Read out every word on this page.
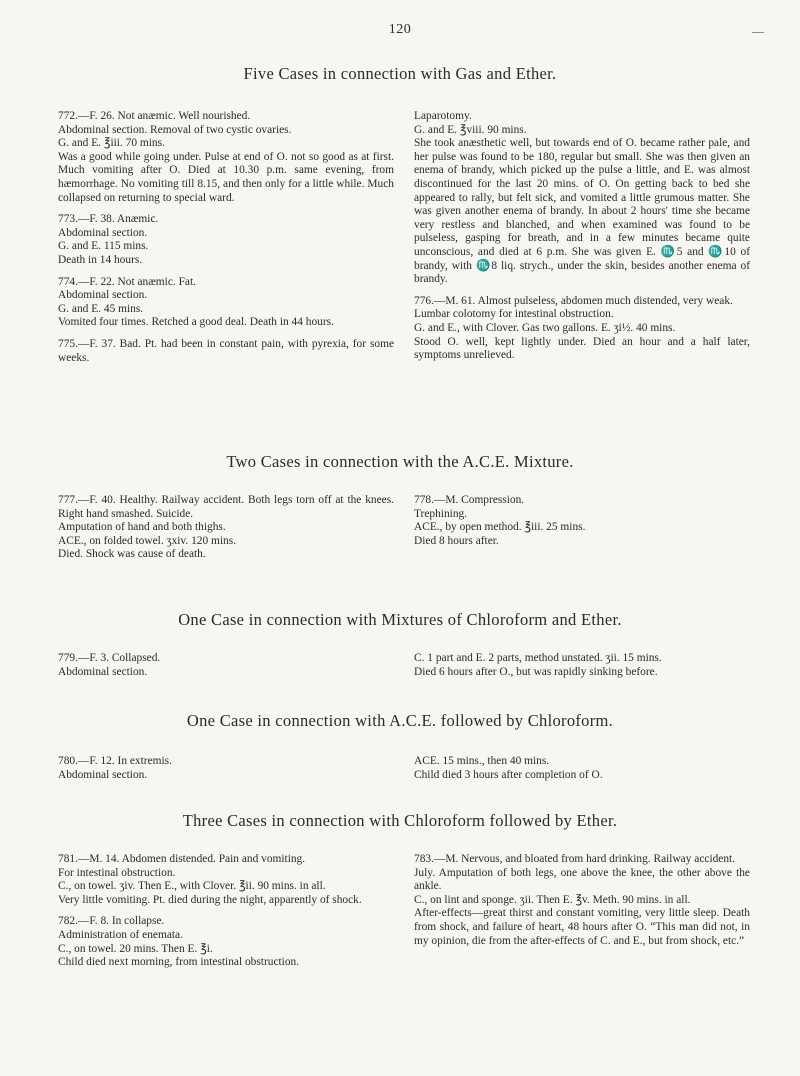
120	—
Five Cases in connection with Gas and Ether.

772.—F. 26. Not anæmic. Well nourished.

Abdominal section. Removal of two cystic ovaries.

G. and E. ℥iii. 70 mins.

Was a good while going under. Pulse at end of O. not so good as at first. Much vomiting after O. Died at 10.30 p.m. same evening, from hæmorrhage. No vomiting till 8.15, and then only for a little while. Much collapsed on returning to special ward.

773.—F. 38. Anæmic.

Abdominal section.

G. and E. 115 mins.

Death in 14 hours.

774.—F. 22. Not anæmic. Fat.

Abdominal section.

G. and E. 45 mins.

Vomited four times. Retched a good deal. Death in 44 hours.

775.—F. 37. Bad. Pt. had been in constant pain, with pyrexia, for some weeks.

Laparotomy.

G. and E. ℥viii. 90 mins.

She took anæsthetic well, but towards end of O. became rather pale, and her pulse was found to be 180, regular but small. She was then given an enema of brandy, which picked up the pulse a little, and E. was almost discontinued for the last 20 mins. of O. On getting back to bed she appeared to rally, but felt sick, and vomited a little grumous matter. She was given another enema of brandy. In about 2 hours' time she became very restless and blanched, and when examined was found to be pulseless, gasping for breath, and in a few minutes became quite unconscious, and died at 6 p.m. She was given E. ♏5 and ♏10 of brandy, with ♏8 liq. strych., under the skin, besides another enema of brandy.

776.—M. 61. Almost pulseless, abdomen much distended, very weak.

Lumbar colotomy for intestinal obstruction.

G. and E., with Clover. Gas two gallons. E. ʒi½. 40 mins.

Stood O. well, kept lightly under. Died an hour and a half later, symptoms unrelieved.

Two Cases in connection with the A.C.E. Mixture.

777.—F. 40. Healthy. Railway accident. Both legs torn off at the knees. Right hand smashed. Suicide.

Amputation of hand and both thighs.

ACE., on folded towel. ʒxiv. 120 mins.

Died. Shock was cause of death.

778.—M. Compression.

Trephining.

ACE., by open method. ℥iii. 25 mins.

Died 8 hours after.

One Case in connection with Mixtures of Chloroform and Ether.

779.—F. 3. Collapsed.

Abdominal section.

C. 1 part and E. 2 parts, method unstated. ʒii. 15 mins.

Died 6 hours after O., but was rapidly sinking before.

One Case in connection with A.C.E. followed by Chloroform.

780.—F. 12. In extremis.

Abdominal section.

ACE. 15 mins., then 40 mins.

Child died 3 hours after completion of O.

Three Cases in connection with Chloroform followed by Ether.

781.—M. 14. Abdomen distended. Pain and vomiting.

For intestinal obstruction.

C., on towel. ʒiv. Then E., with Clover. ℥ii. 90 mins. in all.

Very little vomiting. Pt. died during the night, apparently of shock.

782.—F. 8. In collapse.

Administration of enemata.

C., on towel. 20 mins. Then E. ℥i.

Child died next morning, from intestinal obstruction.

783.—M. Nervous, and bloated from hard drinking. Railway accident.

July. Amputation of both legs, one above the knee, the other above the ankle.

C., on lint and sponge. ʒii. Then E. ℥v. Meth. 90 mins. in all.

After-effects—great thirst and constant vomiting, very little sleep. Death from shock, and failure of heart, 48 hours after O. “This man did not, in my opinion, die from the after-effects of C. and E., but from shock, etc.”
